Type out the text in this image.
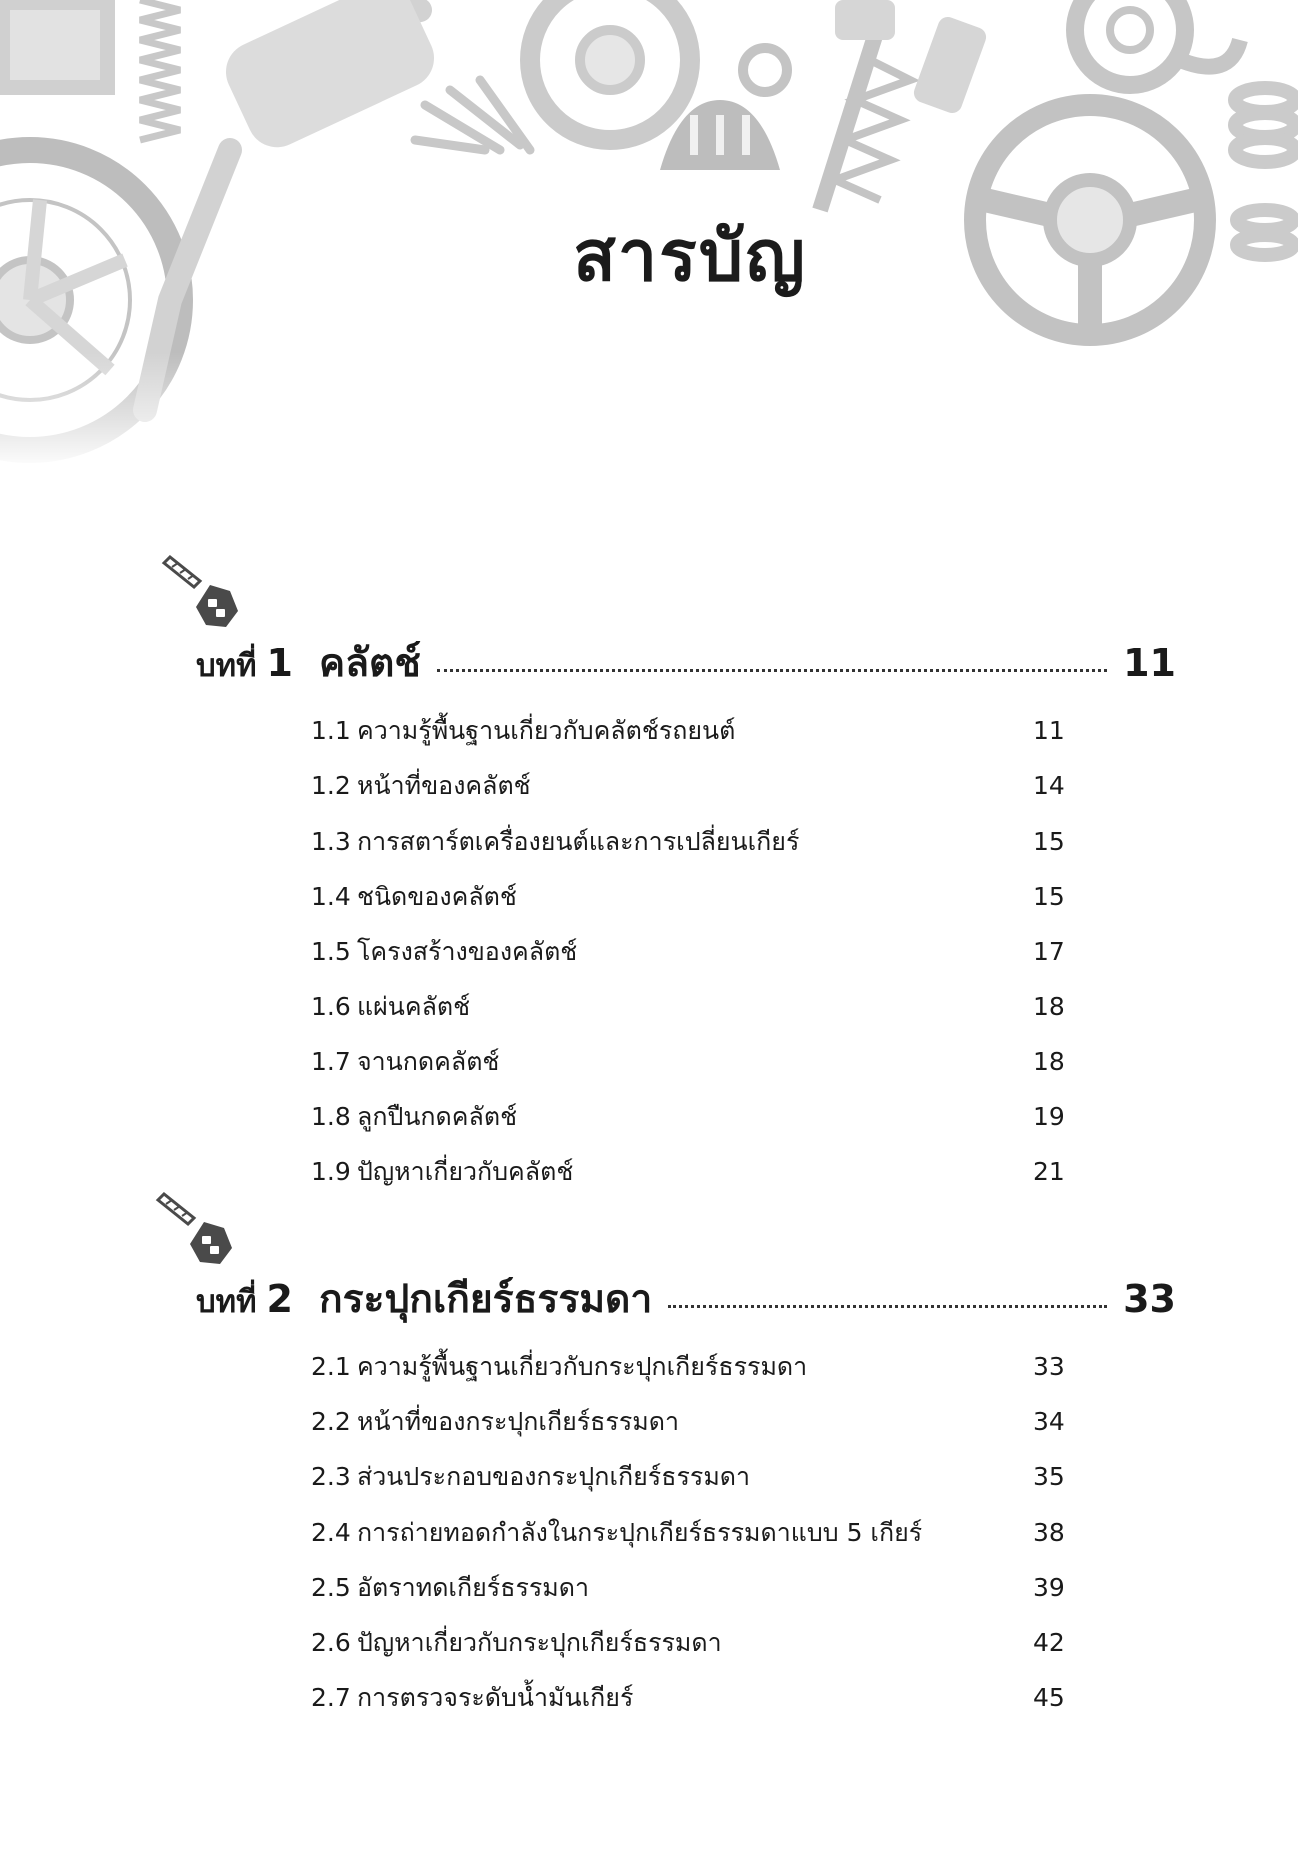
สารบัญ
บทที่ 1 คลัตช์	11
1.1 ความรู้พื้นฐานเกี่ยวกับคลัตช์รถยนต์	11
1.2 หน้าที่ของคลัตช์	14
1.3 การสตาร์ตเครื่องยนต์และการเปลี่ยนเกียร์	15
1.4 ชนิดของคลัตช์	15
1.5 โครงสร้างของคลัตช์	17
1.6 แผ่นคลัตช์	18
1.7 จานกดคลัตช์	18
1.8 ลูกปืนกดคลัตช์	19
1.9 ปัญหาเกี่ยวกับคลัตช์	21
บทที่ 2 กระปุกเกียร์ธรรมดา	33
2.1 ความรู้พื้นฐานเกี่ยวกับกระปุกเกียร์ธรรมดา	33
2.2 หน้าที่ของกระปุกเกียร์ธรรมดา	34
2.3 ส่วนประกอบของกระปุกเกียร์ธรรมดา	35
2.4 การถ่ายทอดกำลังในกระปุกเกียร์ธรรมดาแบบ 5 เกียร์	38
2.5 อัตราทดเกียร์ธรรมดา	39
2.6 ปัญหาเกี่ยวกับกระปุกเกียร์ธรรมดา	42
2.7 การตรวจระดับน้ำมันเกียร์	45
